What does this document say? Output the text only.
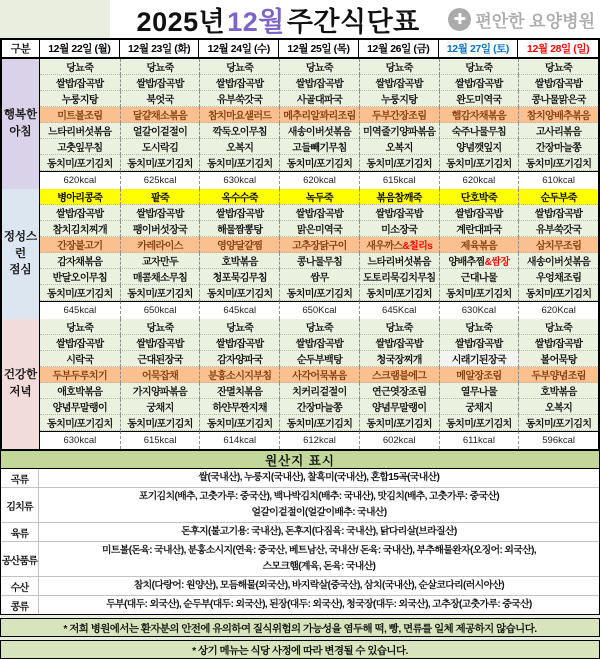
2025년 12월 주간식단표	✚ 편안한 요양병원
구분	12월 22일 (월)	12월 23일 (화)	12월 24일 (수)	12월 25일 (목)	12월 26일 (금)	12월 27일 (토)	12월 28일 (일)
행복한
아침
당뇨죽	당뇨죽	당뇨죽	당뇨죽	당뇨죽	당뇨죽	당뇨죽
쌀밥/잡곡밥	쌀밥/잡곡밥	쌀밥/잡곡밥	쌀밥/잡곡밥	쌀밥/잡곡밥	쌀밥/잡곡밥	쌀밥/잡곡밥
누룽지탕	북엇국	유부쑥갓국	사골대파국	누룽지탕	완도미역국	콩나물맑은국
미트볼조림	달걀채소볶음	참치마요샐러드	메추리알꽈리조림	두부간장조림	햄감자채볶음	참치양배추볶음
느타리버섯볶음	얼갈이겉절이	깍둑오이무침	새송이버섯볶음	미역줄기양파볶음	숙주나물무침	고사리볶음
고춧잎무침	도시락김	오복지	고들빼기무침	오복지	양념깻잎지	간장마늘쫑
동치미/포기김치	동치미/포기김치	동치미/포기김치	동치미/포기김치	동치미/포기김치	동치미/포기김치	동치미/포기김치
620kcal	625kcal	630kcal	620kcal	615kcal	620kcal	610kcal
정성스런
점심
병아리콩죽	팥죽	옥수수죽	녹두죽	볶음참깨죽	단호박죽	순두부죽
쌀밥/잡곡밥	쌀밥/잡곡밥	쌀밥/잡곡밥	쌀밥/잡곡밥	쌀밥/잡곡밥	쌀밥/잡곡밥	쌀밥/잡곡밥
참치김치찌개	팽이버섯장국	해물짬뽕탕	맑은미역국	미소장국	계란대파국	유부쑥갓국
간장불고기	카레라이스	영양달걀찜	고추장닭구이	새우까스 &칠리s	제육볶음	삼치무조림
감자채볶음	교자만두	호박볶음	콩나물무침	느타리버섯볶음	양배추찜 &쌈장	새송이버섯볶음
반달오이무침	매콤채소무침	청포묵김무침	쌈무	도토리묵김치무침	근대나물	우엉채조림
동치미/포기김치	동치미/포기김치	동치미/포기김치	동치미/포기김치	동치미/포기김치	동치미/포기김치	동치미/포기김치
645kcal	650kcal	645kcal	650Kcal	645Kcal	630Kcal	620Kcal
건강한
저녁
당뇨죽	당뇨죽	당뇨죽	당뇨죽	당뇨죽	당뇨죽	당뇨죽
쌀밥/잡곡밥	쌀밥/잡곡밥	쌀밥/잡곡밥	쌀밥/잡곡밥	쌀밥/잡곡밥	쌀밥/잡곡밥	쌀밥/잡곡밥
시락국	근대된장국	감자양파국	순두부백탕	청국장찌개	시래기된장국	볼어묵탕
두부두루치기	어묵잡채	분홍소시지부침	사각어묵볶음	스크램블에그	메알장조림	두부양념조림
애호박볶음	가지양파볶음	잔멸치볶음	치커리겉절이	연근엿장조림	열무나물	호박볶음
양념무말랭이	궁채지	하얀무짠지채	간장마늘쫑	양념무말랭이	궁채지	오복지
동치미/포기김치	동치미/포기김치	동치미/포기김치	동치미/포기김치	동치미/포기김치	동치미/포기김치	동치미/포기김치
630kcal	615kcal	614kcal	612kcal	602kcal	611kcal	596kcal
원산지 표시
곡류	쌀(국내산), 누룽지(국내산), 찰흑미(국내산), 혼합15곡(국내산)
김치류
포기김치(배추, 고춧가루: 중국산), 백나박김치(배추: 국내산), 맛김치(배추, 고춧가루: 중국산)
얼갈이겉절이(얼갈이배추: 국내산)
육류	돈후지(불고기용: 국내산), 돈후지(다짐육: 국내산), 닭다리살(브라질산)
공산품류
미트볼(돈육: 국내산), 분홍소시지(연육: 중국산, 베트남산, 국내산/ 돈육: 국내산), 부추해물완자(오징어: 외국산),
스모크햄(계육, 돈육: 국내산)
수산	참치(다랑어: 원양산), 모듬해물(외국산), 바지락살(중국산), 삼치(국내산), 순살코다리(러시아산)
콩류	두부(대두: 외국산), 순두부(대두: 외국산), 된장(대두: 외국산), 청국장(대두: 외국산), 고추장(고춧가루: 중국산)
* 저희 병원에서는 환자분의 안전에 유의하여 질식위험의 가능성을 염두해 떡, 빵, 면류를 일체 제공하지 않습니다.
* 상기 메뉴는 식당 사정에 따라 변경될 수 있습니다.
